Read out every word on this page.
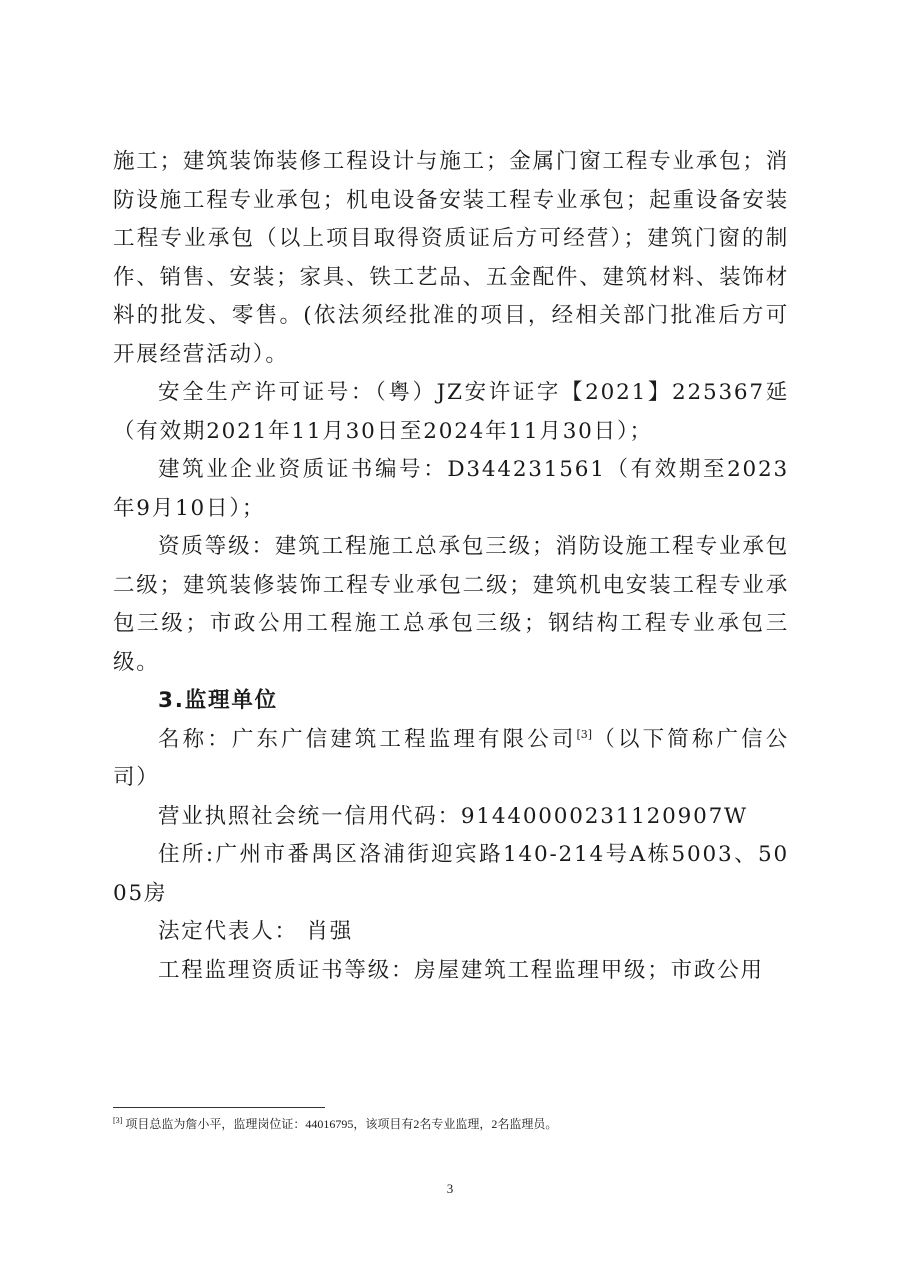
施工；建筑装饰装修工程设计与施工；金属门窗工程专业承包；消防设施工程专业承包；机电设备安装工程专业承包；起重设备安装工程专业承包（以上项目取得资质证后方可经营）；建筑门窗的制作、销售、安装；家具、铁工艺品、五金配件、建筑材料、装饰材料的批发、零售。(依法须经批准的项目，经相关部门批准后方可开展经营活动）。

安全生产许可证号：（粤）JZ安许证字【2021】225367延（有效期2021年11月30日至2024年11月30日）；

建筑业企业资质证书编号：D344231561（有效期至2023年9月10日）；

资质等级：建筑工程施工总承包三级；消防设施工程专业承包二级；建筑装修装饰工程专业承包二级；建筑机电安装工程专业承包三级；市政公用工程施工总承包三级；钢结构工程专业承包三级。

3.监理单位

名称：广东广信建筑工程监理有限公司[3]（以下简称广信公司）

营业执照社会统一信用代码：91440000231120907W

住所:广州市番禺区洛浦街迎宾路140-214号A栋5003、5005房

法定代表人： 肖强

工程监理资质证书等级：房屋建筑工程监理甲级；市政公用

[3] 项目总监为詹小平，监理岗位证：44016795，该项目有2名专业监理，2名监理员。
3
